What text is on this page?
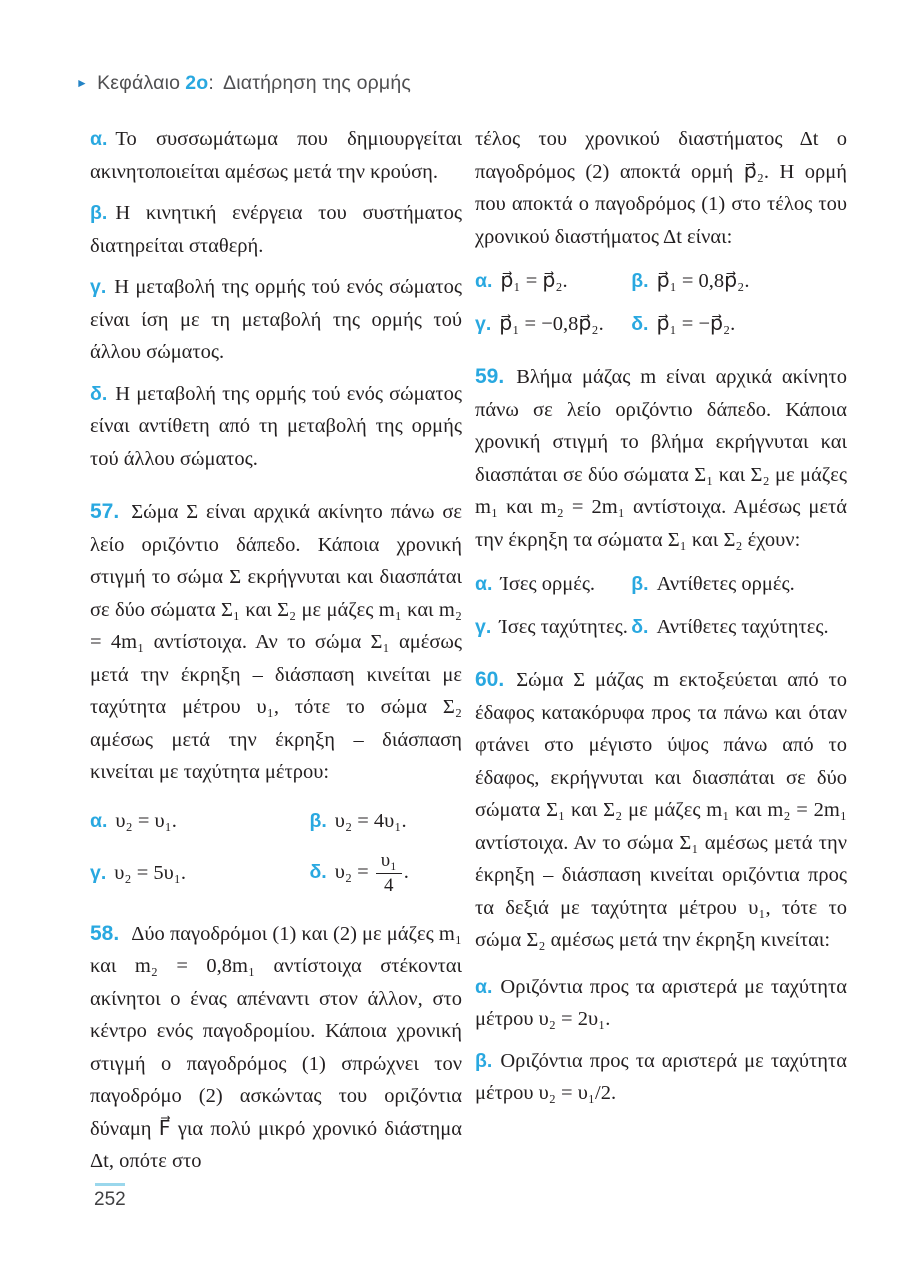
► Κεφάλαιο 2ο: Διατήρηση της ορμής

α. Το συσσωμάτωμα που δημιουργείται ακινητοποιείται αμέσως μετά την κρούση.

β. Η κινητική ενέργεια του συστήματος διατηρείται σταθερή.

γ. Η μεταβολή της ορμής τού ενός σώματος είναι ίση με τη μεταβολή της ορμής τού άλλου σώματος.

δ. Η μεταβολή της ορμής τού ενός σώματος είναι αντίθετη από τη μεταβολή της ορμής τού άλλου σώματος.

57. Σώμα Σ είναι αρχικά ακίνητο πάνω σε λείο οριζόντιο δάπεδο. Κάποια χρονική στιγμή το σώμα Σ εκρήγνυται και διασπάται σε δύο σώματα Σ₁ και Σ₂ με μάζες m₁ και m₂ = 4m₁ αντίστοιχα. Αν το σώμα Σ₁ αμέσως μετά την έκρηξη – διάσπαση κινείται με ταχύτητα μέτρου υ₁, τότε το σώμα Σ₂ αμέσως μετά την έκρηξη – διάσπαση κινείται με ταχύτητα μέτρου:

α. υ₂ = υ₁.	β. υ₂ = 4υ₁.
γ. υ₂ = 5υ₁.	δ. $\upsilon_2 = \frac{\text{υ₁}}{4}$ .

58. Δύο παγοδρόμοι (1) και (2) με μάζες m₁ και m₂ = 0,8m₁ αντίστοιχα στέκονται ακίνητοι ο ένας απέναντι στον άλλον, στο κέντρο ενός παγοδρομίου. Κάποια χρονική στιγμή ο παγοδρόμος (1) σπρώχνει τον παγοδρόμο (2) ασκώντας του οριζόντια δύναμη F⃗ για πολύ μικρό χρονικό διάστημα Δt, οπότε στο

τέλος του χρονικού διαστήματος Δt ο παγοδρόμος (2) αποκτά ορμή p⃗₂. Η ορμή που αποκτά ο παγοδρόμος (1) στο τέλος του χρονικού διαστήματος Δt είναι:

α. p⃗₁ = p⃗₂.	β. p⃗₁ = 0,8p⃗₂.
γ. p⃗₁ = −0,8p⃗₂.	δ. p⃗₁ = −p⃗₂.

59. Βλήμα μάζας m είναι αρχικά ακίνητο πάνω σε λείο οριζόντιο δάπεδο. Κάποια χρονική στιγμή το βλήμα εκρήγνυται και διασπάται σε δύο σώματα Σ₁ και Σ₂ με μάζες m₁ και m₂ = 2m₁ αντίστοιχα. Αμέσως μετά την έκρηξη τα σώματα Σ₁ και Σ₂ έχουν:

α. Ίσες ορμές.	β. Αντίθετες ορμές.
γ. Ίσες ταχύτητες. δ. Αντίθετες ταχύτητες.

60. Σώμα Σ μάζας m εκτοξεύεται από το έδαφος κατακόρυφα προς τα πάνω και όταν φτάνει στο μέγιστο ύψος πάνω από το έδαφος, εκρήγνυται και διασπάται σε δύο σώματα Σ₁ και Σ₂ με μάζες m₁ και m₂ = 2m₁ αντίστοιχα. Αν το σώμα Σ₁ αμέσως μετά την έκρηξη – διάσπαση κινείται οριζόντια προς τα δεξιά με ταχύτητα μέτρου υ₁, τότε το σώμα Σ₂ αμέσως μετά την έκρηξη κινείται:

α. Οριζόντια προς τα αριστερά με ταχύτητα μέτρου υ₂ = 2υ₁.

β. Οριζόντια προς τα αριστερά με ταχύτητα μέτρου υ₂ = υ₁/2.

252
